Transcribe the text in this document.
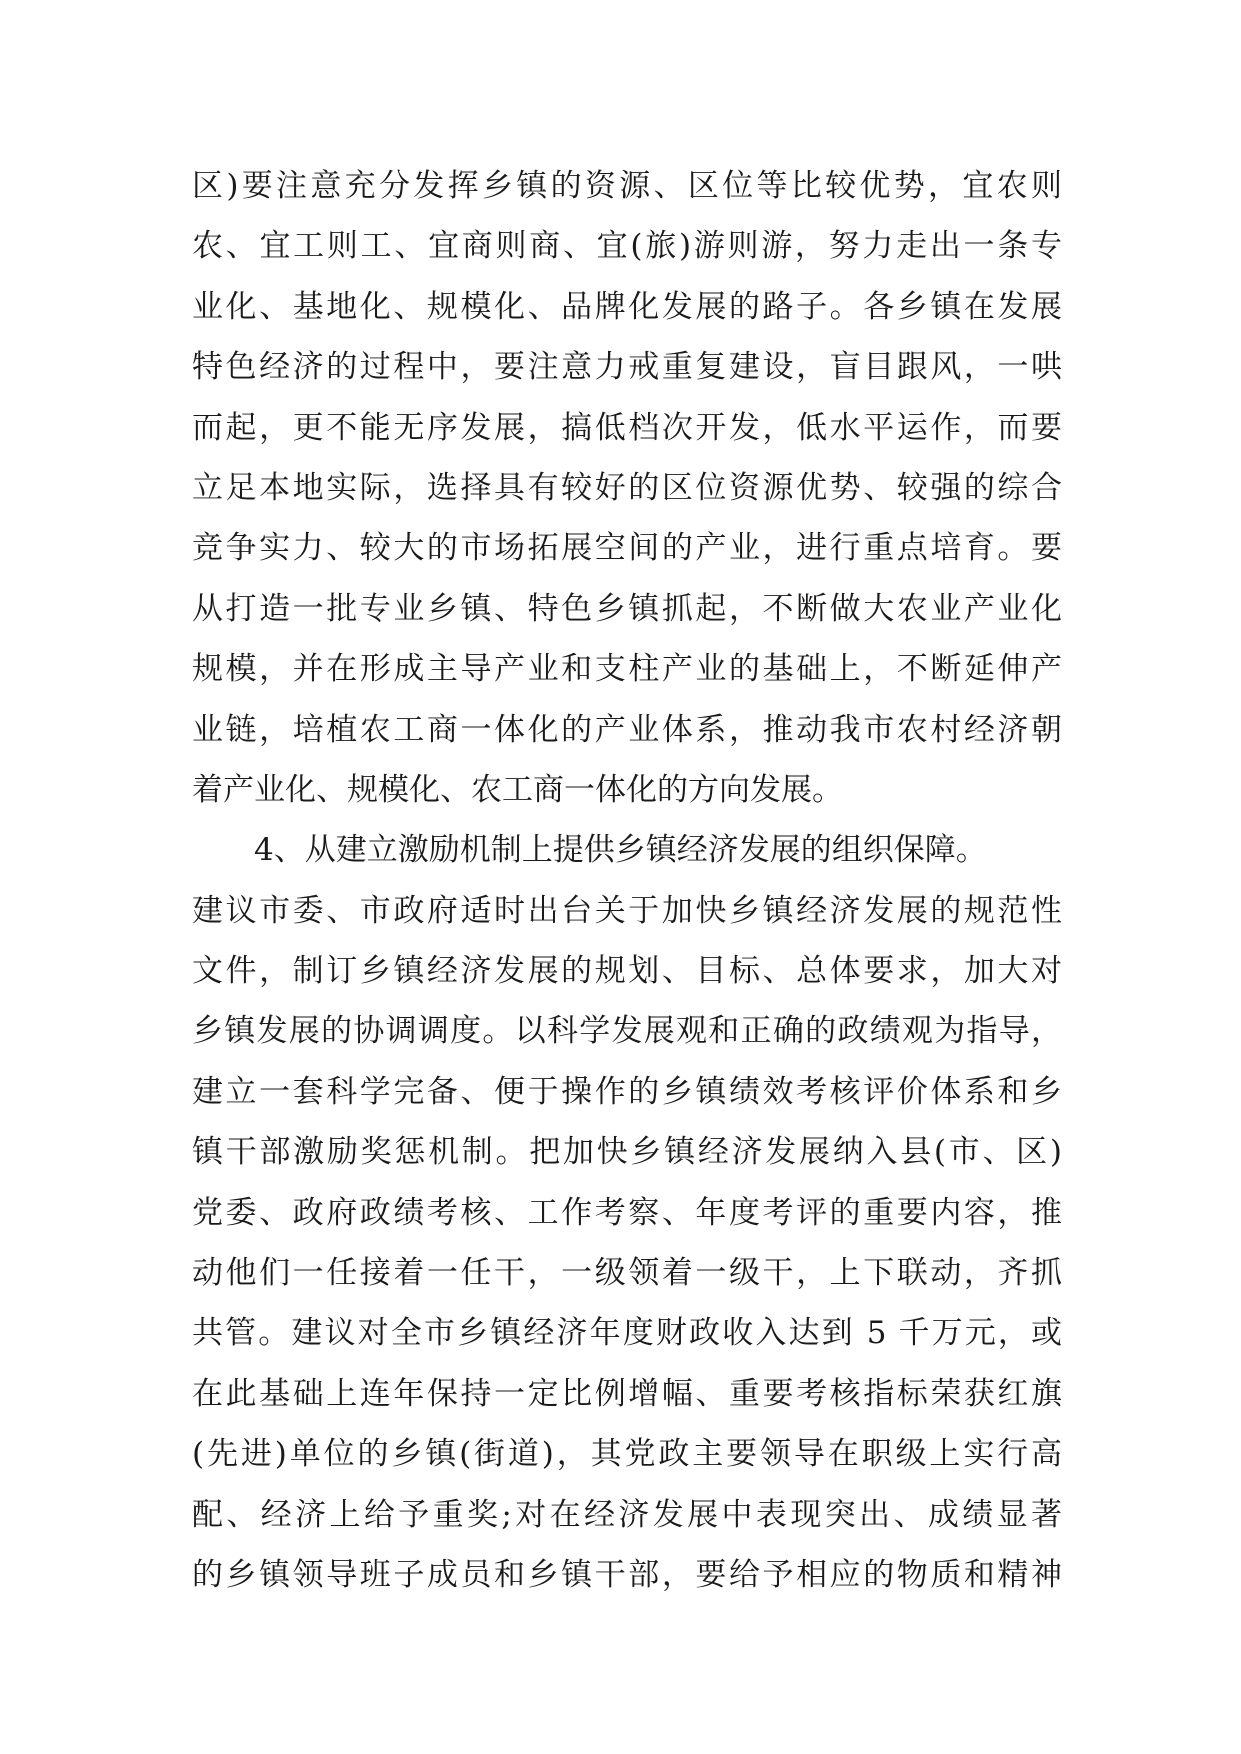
区)要注意充分发挥乡镇的资源、区位等比较优势，宜农则
农、宜工则工、宜商则商、宜(旅)游则游，努力走出一条专
业化、基地化、规模化、品牌化发展的路子。各乡镇在发展
特色经济的过程中，要注意力戒重复建设，盲目跟风，一哄
而起，更不能无序发展，搞低档次开发，低水平运作，而要
立足本地实际，选择具有较好的区位资源优势、较强的综合
竞争实力、较大的市场拓展空间的产业，进行重点培育。要
从打造一批专业乡镇、特色乡镇抓起，不断做大农业产业化
规模，并在形成主导产业和支柱产业的基础上，不断延伸产
业链，培植农工商一体化的产业体系，推动我市农村经济朝
着产业化、规模化、农工商一体化的方向发展。
4、从建立激励机制上提供乡镇经济发展的组织保障。
建议市委、市政府适时出台关于加快乡镇经济发展的规范性
文件，制订乡镇经济发展的规划、目标、总体要求，加大对
乡镇发展的协调调度。以科学发展观和正确的政绩观为指导，
建立一套科学完备、便于操作的乡镇绩效考核评价体系和乡
镇干部激励奖惩机制。把加快乡镇经济发展纳入县(市、区)
党委、政府政绩考核、工作考察、年度考评的重要内容，推
动他们一任接着一任干，一级领着一级干，上下联动，齐抓
共管。建议对全市乡镇经济年度财政收入达到 5 千万元，或
在此基础上连年保持一定比例增幅、重要考核指标荣获红旗
(先进)单位的乡镇(街道)，其党政主要领导在职级上实行高
配、经济上给予重奖;对在经济发展中表现突出、成绩显著
的乡镇领导班子成员和乡镇干部，要给予相应的物质和精神
